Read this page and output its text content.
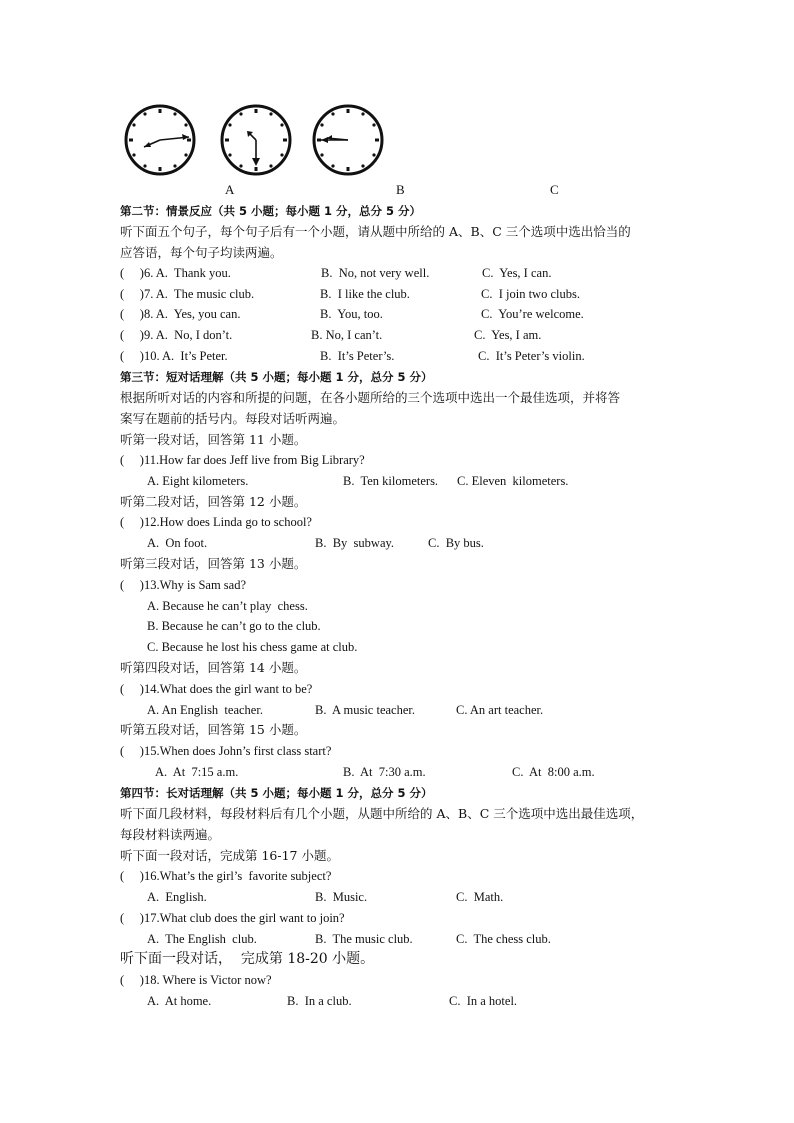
A	B	C
第二节：情景反应（共 5 小题；每小题 1 分，总分 5 分）
听下面五个句子，每个句子后有一个小题，请从题中所给的 A、B、C 三个选项中选出恰当的
应答语，每个句子均读两遍。
(     )6. A.  Thank you.	B.  No, not very well.	C.  Yes, I can.
(     )7. A.  The music club.	B.  I like the club.	C.  I join two clubs.
(     )8. A.  Yes, you can.	B.  You, too.	C.  You’re welcome.
(     )9. A.  No, I don’t.	B. No, I can’t.	C.  Yes, I am.
(     )10. A.  It’s Peter.	B.  It’s Peter’s.	C.  It’s Peter’s violin.
第三节：短对话理解（共 5 小题；每小题 1 分，总分 5 分）
根据所听对话的内容和所提的问题，在各小题所给的三个选项中选出一个最佳选项，并将答
案写在题前的括号内。每段对话听两遍。
听第一段对话，回答第 11 小题。
(     )11.How far does Jeff live from Big Library?
A. Eight kilometers.	B.  Ten kilometers. C. Eleven  kilometers.
听第二段对话，回答第 12 小题。
(     )12.How does Linda go to school?
A.  On foot.	B.  By  subway.	C.  By bus.
听第三段对话，回答第 13 小题。
(     )13.Why is Sam sad?
A. Because he can’t play  chess.
B. Because he can’t go to the club.
C. Because he lost his chess game at club.
听第四段对话，回答第 14 小题。
(     )14.What does the girl want to be?
A. An English  teacher.	B.  A music teacher.	C. An art teacher.
听第五段对话，回答第 15 小题。
(     )15.When does John’s first class start?
A.  At  7:15 a.m.	B.  At  7:30 a.m.	C.  At  8:00 a.m.
第四节：长对话理解（共 5 小题；每小题 1 分，总分 5 分）
听下面几段材料，每段材料后有几个小题，从题中所给的 A、B、C 三个选项中选出最佳选项，
每段材料读两遍。
听下面一段对话，完成第 16-17 小题。
(     )16.What’s the girl’s  favorite subject?
A.  English.	B.  Music.	C.  Math.
(     )17.What club does the girl want to join?
A.  The English  club.	B.  The music club.	C.  The chess club.
听下面一段对话，  完成第 18-20 小题。
(     )18. Where is Victor now?
A.  At home.	B.  In a club.	C.  In a hotel.
